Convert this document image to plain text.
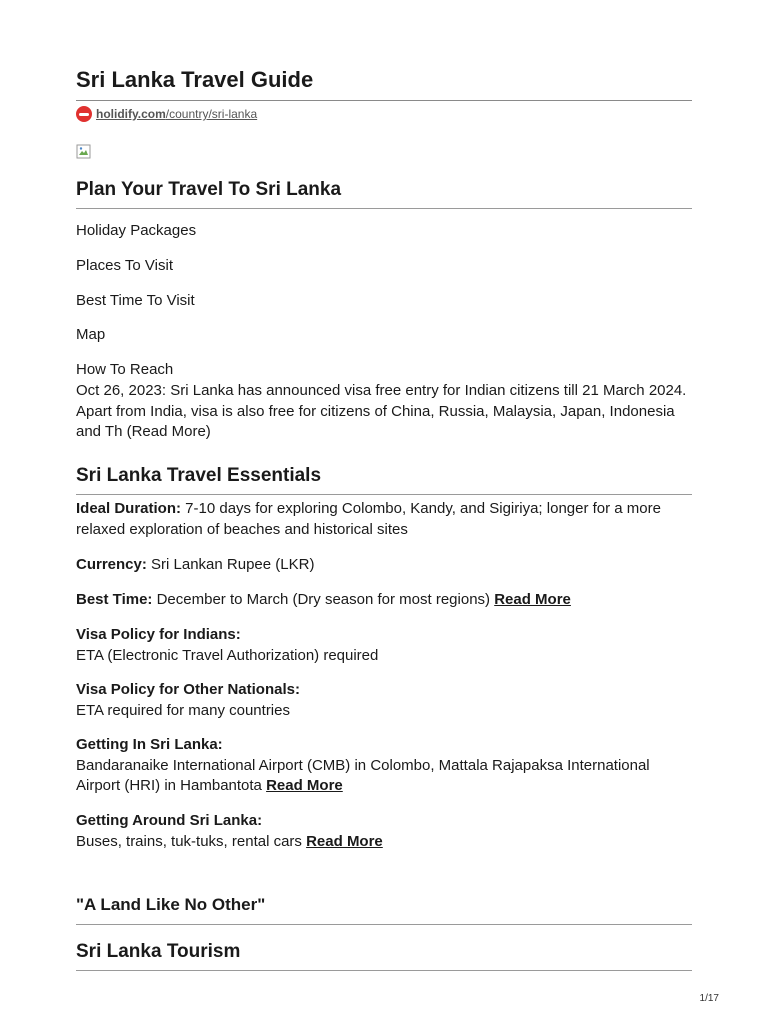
Sri Lanka Travel Guide
holidify.com/country/sri-lanka
Plan Your Travel To Sri Lanka

Holiday Packages

Places To Visit

Best Time To Visit

Map

How To Reach

Oct 26, 2023: Sri Lanka has announced visa free entry for Indian citizens till 21 March 2024. Apart from India, visa is also free for citizens of China, Russia, Malaysia, Japan, Indonesia and Th (Read More)

Sri Lanka Travel Essentials

Ideal Duration: 7-10 days for exploring Colombo, Kandy, and Sigiriya; longer for a more relaxed exploration of beaches and historical sites

Currency: Sri Lankan Rupee (LKR)

Best Time: December to March (Dry season for most regions) Read More

Visa Policy for Indians:
ETA (Electronic Travel Authorization) required

Visa Policy for Other Nationals:
ETA required for many countries

Getting In Sri Lanka:
Bandaranaike International Airport (CMB) in Colombo, Mattala Rajapaksa International Airport (HRI) in Hambantota Read More

Getting Around Sri Lanka:
Buses, trains, tuk-tuks, rental cars Read More

"A Land Like No Other"
Sri Lanka Tourism
1/17
